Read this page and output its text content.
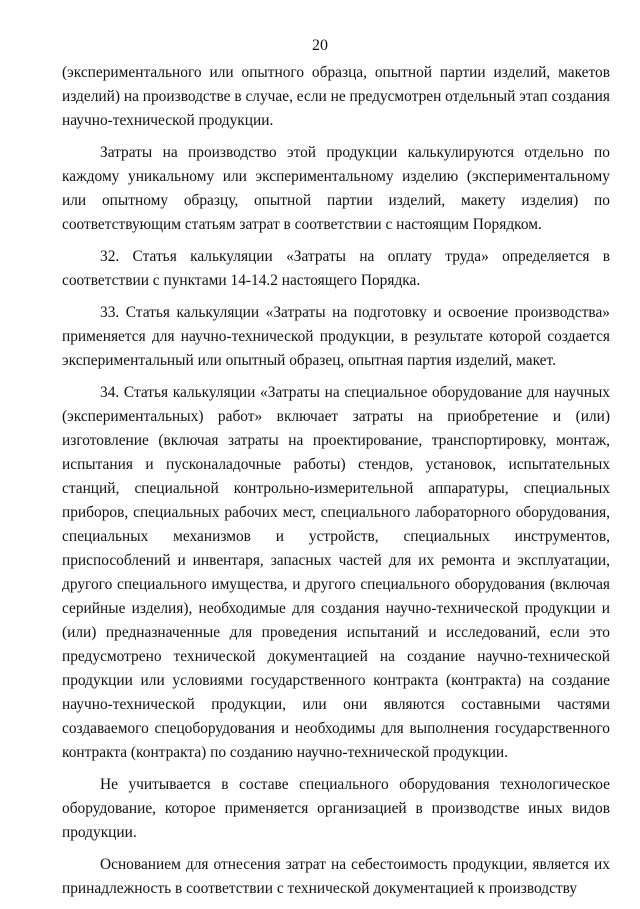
20

(экспериментального или опытного образца, опытной партии изделий, макетов изделий) на производстве в случае, если не предусмотрен отдельный этап создания научно-технической продукции.

Затраты на производство этой продукции калькулируются отдельно по каждому уникальному или экспериментальному изделию (экспериментальному или опытному образцу, опытной партии изделий, макету изделия) по соответствующим статьям затрат в соответствии с настоящим Порядком.

32. Статья калькуляции «Затраты на оплату труда» определяется в соответствии с пунктами 14-14.2 настоящего Порядка.

33. Статья калькуляции «Затраты на подготовку и освоение производства» применяется для научно-технической продукции, в результате которой создается экспериментальный или опытный образец, опытная партия изделий, макет.

34. Статья калькуляции «Затраты на специальное оборудование для научных (экспериментальных) работ» включает затраты на приобретение и (или) изготовление (включая затраты на проектирование, транспортировку, монтаж, испытания и пусконаладочные работы) стендов, установок, испытательных станций, специальной контрольно-измерительной аппаратуры, специальных приборов, специальных рабочих мест, специального лабораторного оборудования, специальных механизмов и устройств, специальных инструментов, приспособлений и инвентаря, запасных частей для их ремонта и эксплуатации, другого специального имущества, и другого специального оборудования (включая серийные изделия), необходимые для создания научно-технической продукции и (или) предназначенные для проведения испытаний и исследований, если это предусмотрено технической документацией на создание научно-технической продукции или условиями государственного контракта (контракта) на создание научно-технической продукции, или они являются составными частями создаваемого спецоборудования и необходимы для выполнения государственного контракта (контракта) по созданию научно-технической продукции.

Не учитывается в составе специального оборудования технологическое оборудование, которое применяется организацией в производстве иных видов продукции.

Основанием для отнесения затрат на себестоимость продукции, является их принадлежность в соответствии с технической документацией к производству
